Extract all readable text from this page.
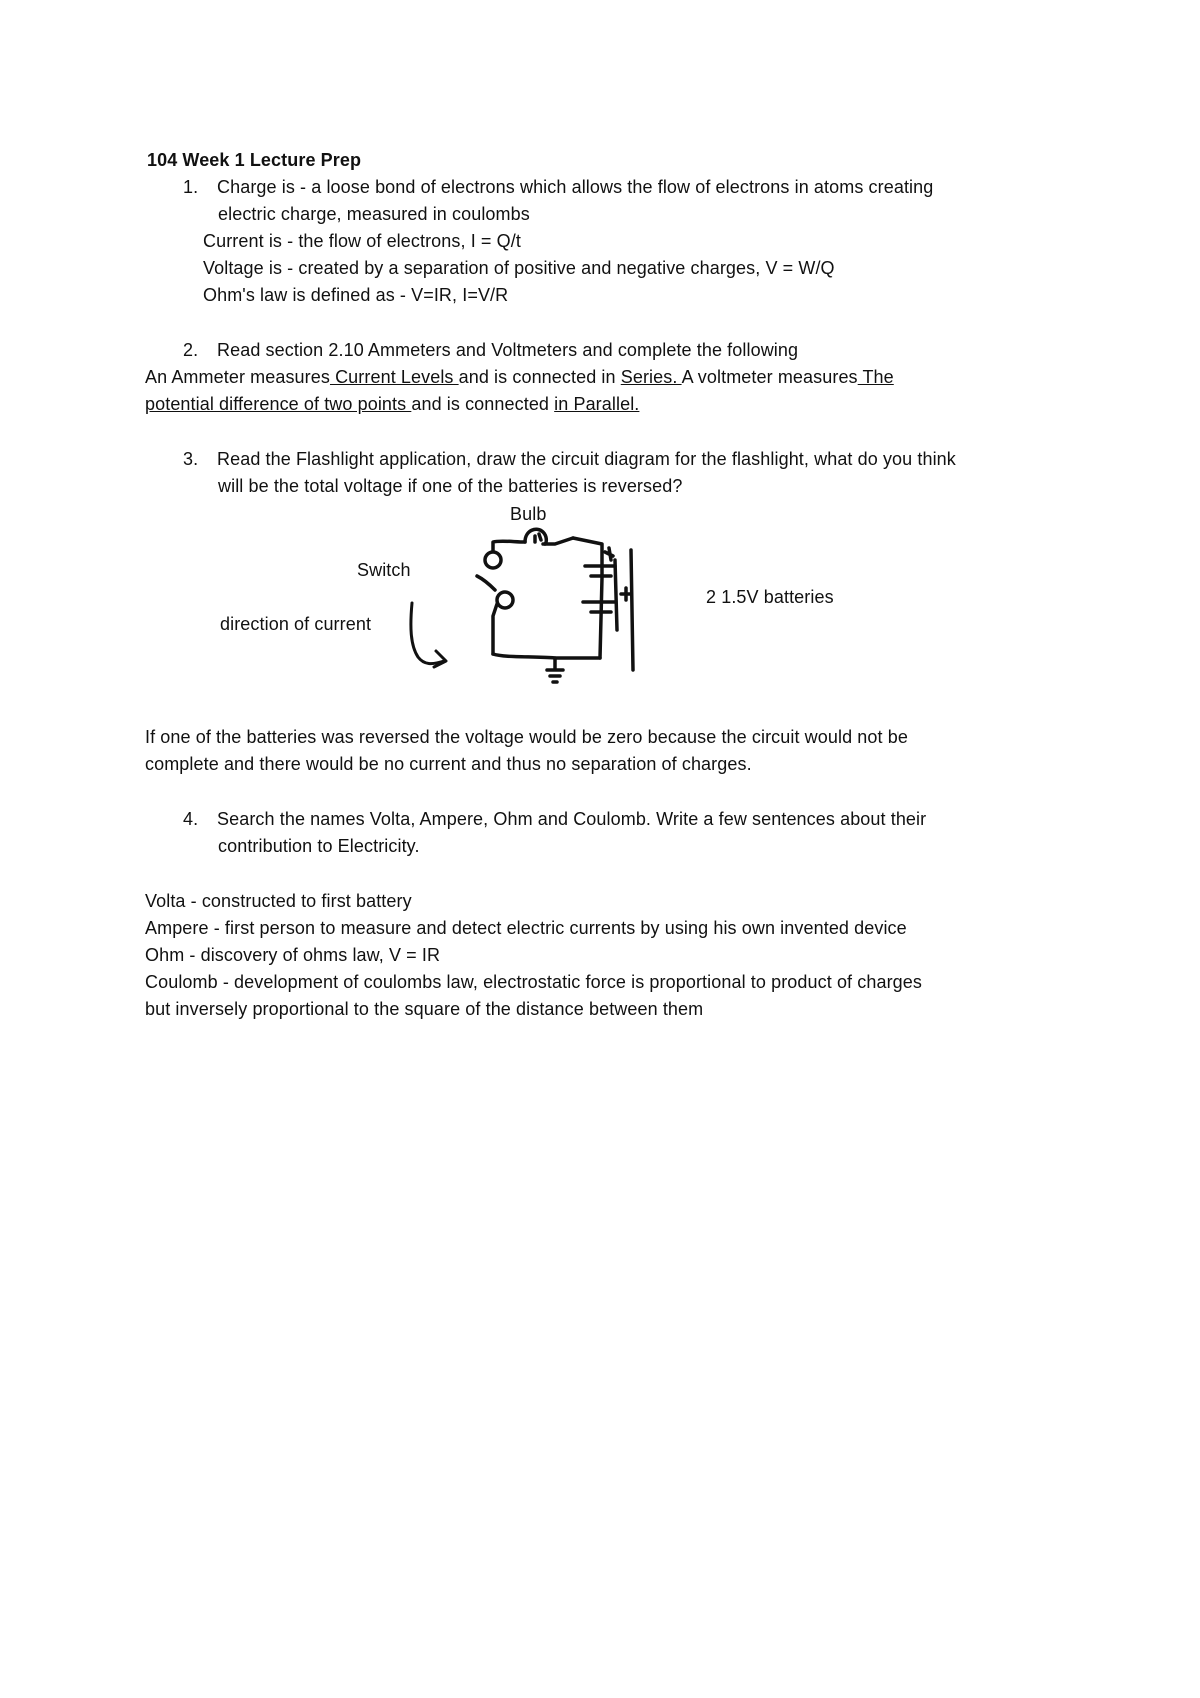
104 Week 1 Lecture Prep
1. Charge is - a loose bond of electrons which allows the flow of electrons in atoms creating
electric charge, measured in coulombs
Current is - the flow of electrons, I = Q/t
Voltage is - created by a separation of positive and negative charges, V = W/Q
Ohm's law is defined as - V=IR, I=V/R
2. Read section 2.10 Ammeters and Voltmeters and complete the following
An Ammeter measures Current Levels and is connected in Series. A voltmeter measures The
potential difference of two points and is connected in Parallel.
3. Read the Flashlight application, draw the circuit diagram for the flashlight, what do you think
will be the total voltage if one of the batteries is reversed?
Bulb
Switch
direction of current
2 1.5V batteries
If one of the batteries was reversed the voltage would be zero because the circuit would not be
complete and there would be no current and thus no separation of charges.
4. Search the names Volta, Ampere, Ohm and Coulomb. Write a few sentences about their
contribution to Electricity.
Volta - constructed to first battery
Ampere - first person to measure and detect electric currents by using his own invented device
Ohm - discovery of ohms law, V = IR
Coulomb - development of coulombs law, electrostatic force is proportional to product of charges
but inversely proportional to the square of the distance between them
